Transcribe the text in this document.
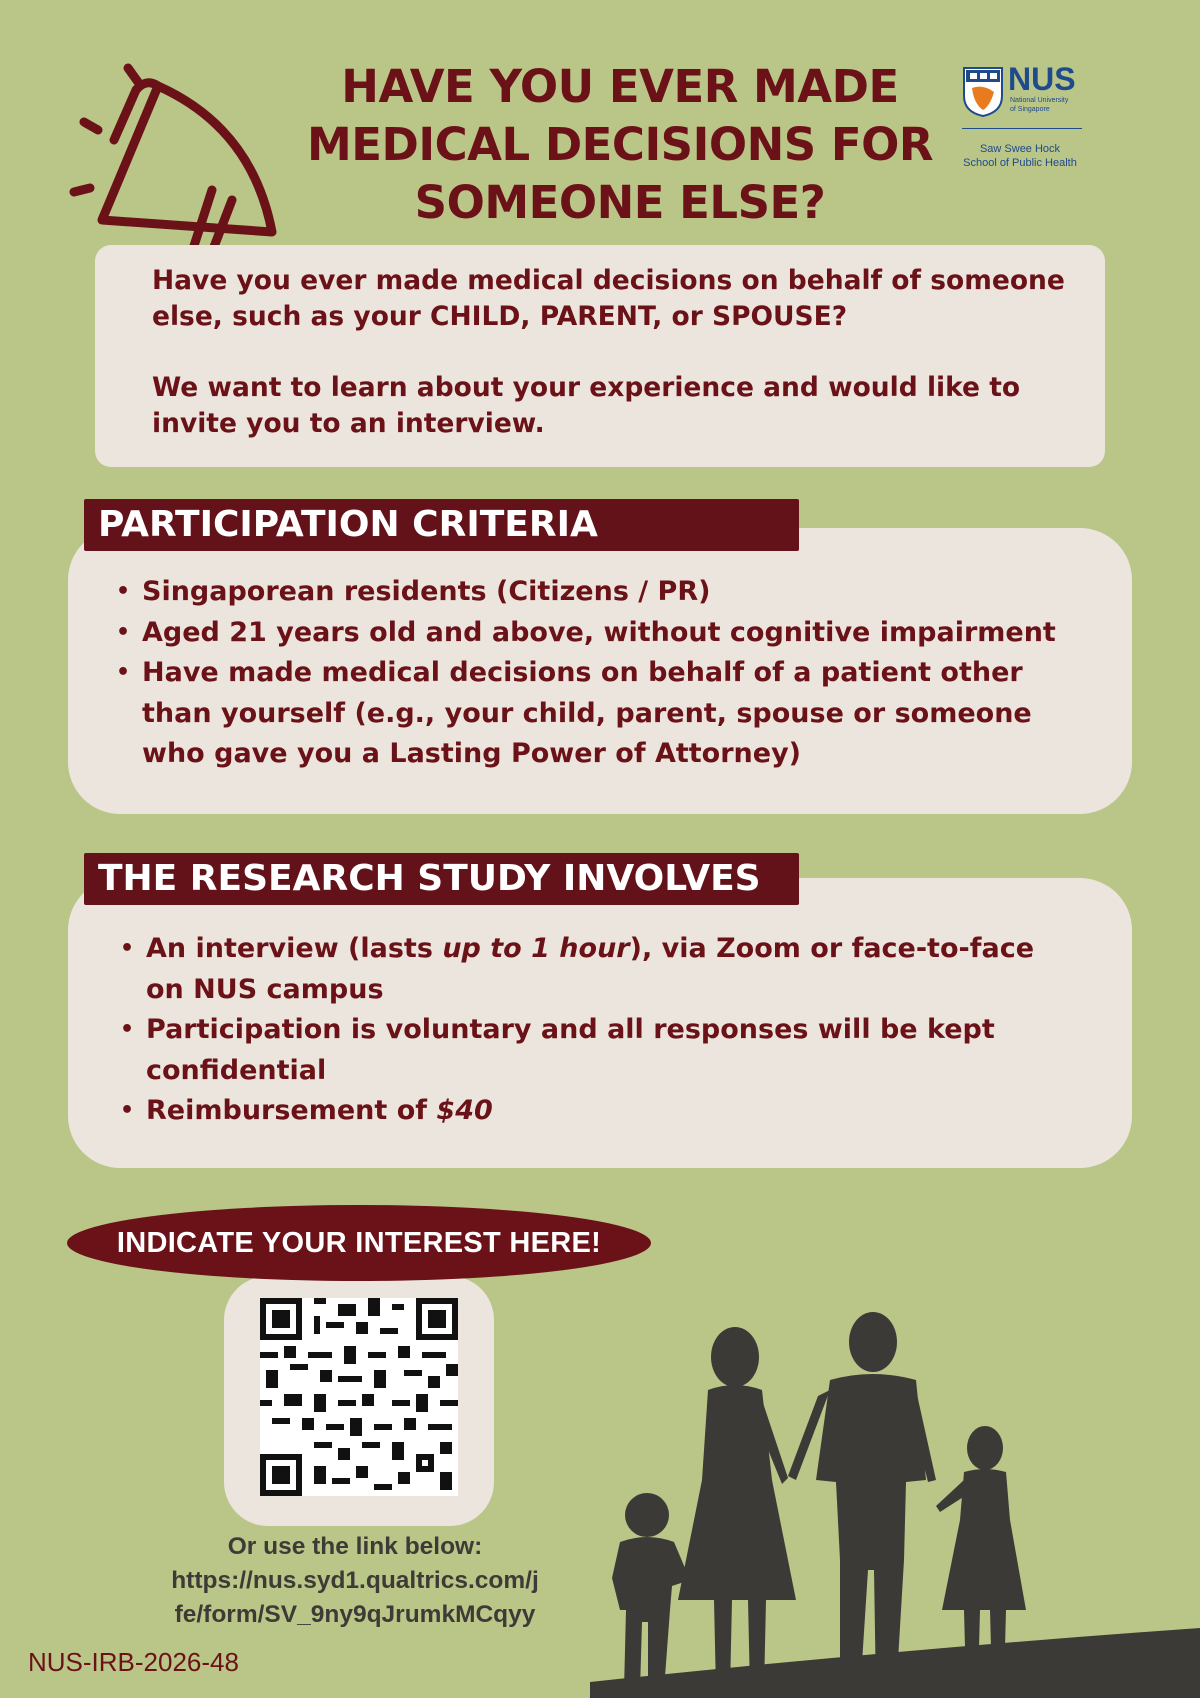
HAVE YOU EVER MADE
MEDICAL DECISIONS FOR
SOMEONE ELSE?
NUS
National University
of Singapore
Saw Swee Hock
School of Public Health
Have you ever made medical decisions on behalf of someone else, such as your CHILD, PARENT, or SPOUSE?
We want to learn about your experience and would like to invite you to an interview.
PARTICIPATION CRITERIA
• Singaporean residents (Citizens / PR)
• Aged 21 years old and above, without cognitive impairment
• Have made medical decisions on behalf of a patient other than yourself (e.g., your child, parent, spouse or someone who gave you a Lasting Power of Attorney)
THE RESEARCH STUDY INVOLVES
• An interview (lasts up to 1 hour), via Zoom or face-to-face on NUS campus
• Participation is voluntary and all responses will be kept confidential
• Reimbursement of $40
INDICATE YOUR INTEREST HERE!
Or use the link below:
https://nus.syd1.qualtrics.com/j
fe/form/SV_9ny9qJrumkMCqyy
NUS-IRB-2026-48
